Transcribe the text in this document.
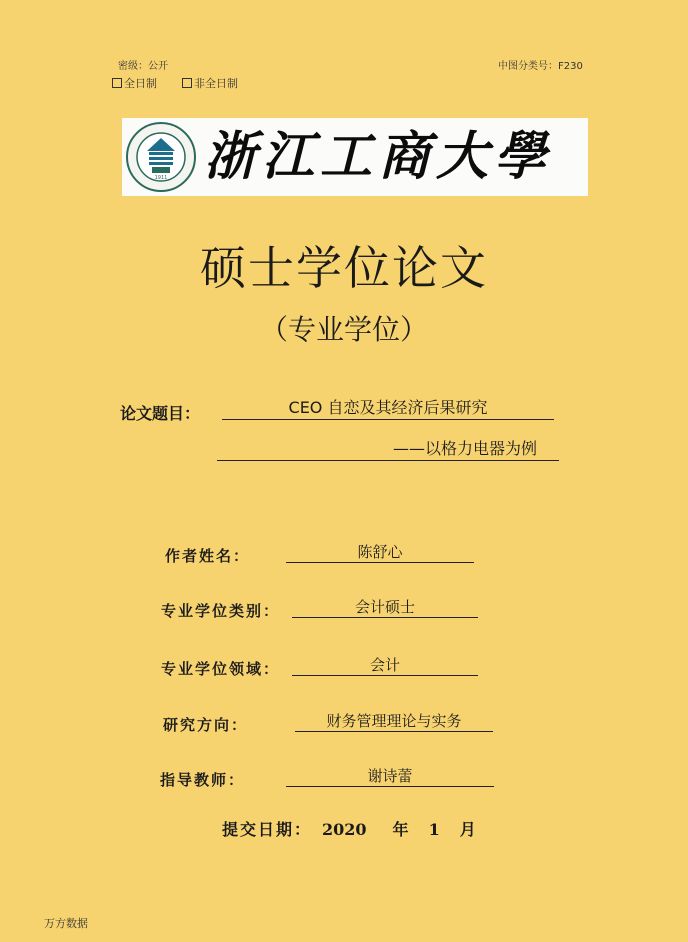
密级：公开	中图分类号：F230
全日制	非全日制
1911 浙江工商大學
硕士学位论文
（专业学位）
论文题目：	CEO 自恋及其经济后果研究
——以格力电器为例
作者姓名：	陈舒心
专业学位类别：	会计硕士
专业学位领域：	会计
研究方向：	财务管理理论与实务
指导教师：	谢诗蕾
提交日期： 2020 年 1 月
万方数据
